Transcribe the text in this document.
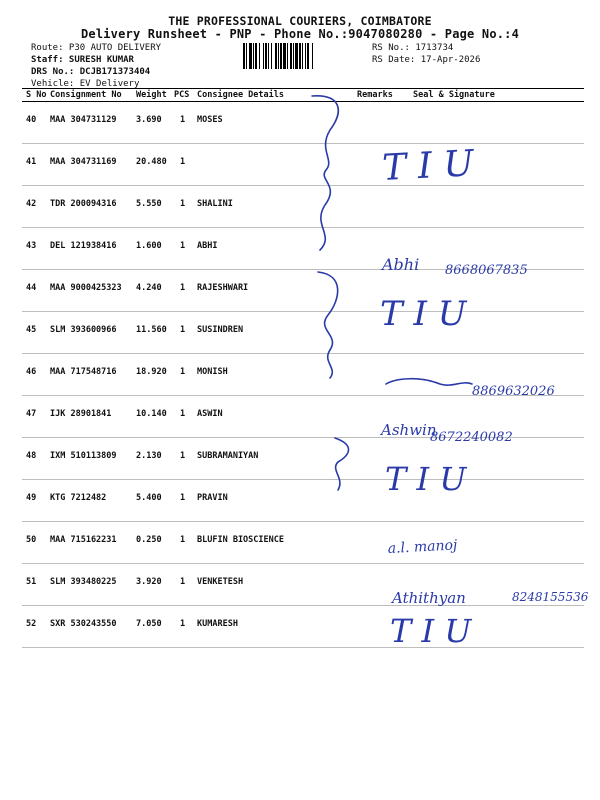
THE PROFESSIONAL COURIERS, COIMBATORE
Delivery Runsheet - PNP - Phone No.:9047080280 - Page No.:4
Route: P30 AUTO DELIVERY
Staff: SURESH KUMAR
DRS No.: DCJB171373404
Vehicle: EV Delivery
RS No.: 1713734
RS Date: 17-Apr-2026
S No	Consignment No	Weight	PCS	Consignee Details	Remarks	Seal & Signature
40	MAA 304731129	3.690	1	MOSES		
41	MAA 304731169	20.480	1			
42	TDR 200094316	5.550	1	SHALINI		
43	DEL 121938416	1.600	1	ABHI		
44	MAA 9000425323	4.240	1	RAJESHWARI		
45	SLM 393600966	11.560	1	SUSINDREN		
46	MAA 717548716	18.920	1	MONISH		
47	IJK 28901841	10.140	1	ASWIN		
48	IXM 510113809	2.130	1	SUBRAMANIYAN		
49	KTG 7212482	5.400	1	PRAVIN		
50	MAA 715162231	0.250	1	BLUFIN BIOSCIENCE		
51	SLM 393480225	3.920	1	VENKETESH		
52	SXR 530243550	7.050	1	KUMARESH		
T I U
Abhi 8668067835
T I U
8869632026
Ashwin
8672240082
T I U
a.l. manoj
Athithyan	8248155536
T I U
